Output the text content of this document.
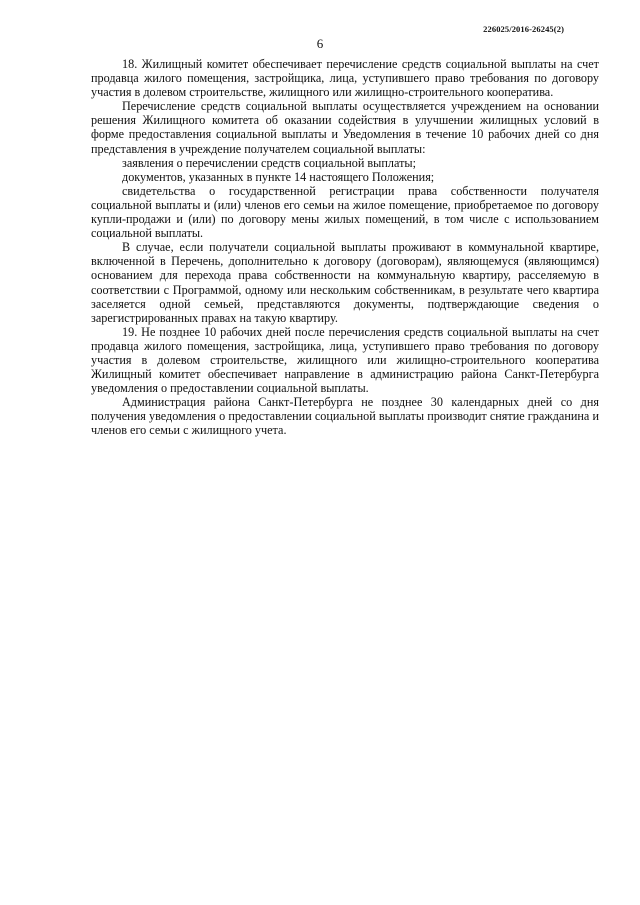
226025/2016-26245(2)
6

18. Жилищный комитет обеспечивает перечисление средств социальной выплаты на счет продавца жилого помещения, застройщика, лица, уступившего право требования по договору участия в долевом строительстве, жилищного или жилищно-строительного кооператива.

Перечисление средств социальной выплаты осуществляется учреждением на основании решения Жилищного комитета об оказании содействия в улучшении жилищных условий в форме предоставления социальной выплаты и Уведомления в течение 10 рабочих дней со дня представления в учреждение получателем социальной выплаты:

заявления о перечислении средств социальной выплаты;

документов, указанных в пункте 14 настоящего Положения;

свидетельства о государственной регистрации права собственности получателя социальной выплаты и (или) членов его семьи на жилое помещение, приобретаемое по договору купли-продажи и (или) по договору мены жилых помещений, в том числе с использованием социальной выплаты.

В случае, если получатели социальной выплаты проживают в коммунальной квартире, включенной в Перечень, дополнительно к договору (договорам), являющемуся (являющимся) основанием для перехода права собственности на коммунальную квартиру, расселяемую в соответствии с Программой, одному или нескольким собственникам, в результате чего квартира заселяется одной семьей, представляются документы, подтверждающие сведения о зарегистрированных правах на такую квартиру.

19. Не позднее 10 рабочих дней после перечисления средств социальной выплаты на счет продавца жилого помещения, застройщика, лица, уступившего право требования по договору участия в долевом строительстве, жилищного или жилищно-строительного кооператива Жилищный комитет обеспечивает направление в администрацию района Санкт-Петербурга уведомления о предоставлении социальной выплаты.

Администрация района Санкт-Петербурга не позднее 30 календарных дней со дня получения уведомления о предоставлении социальной выплаты производит снятие гражданина и членов его семьи с жилищного учета.
